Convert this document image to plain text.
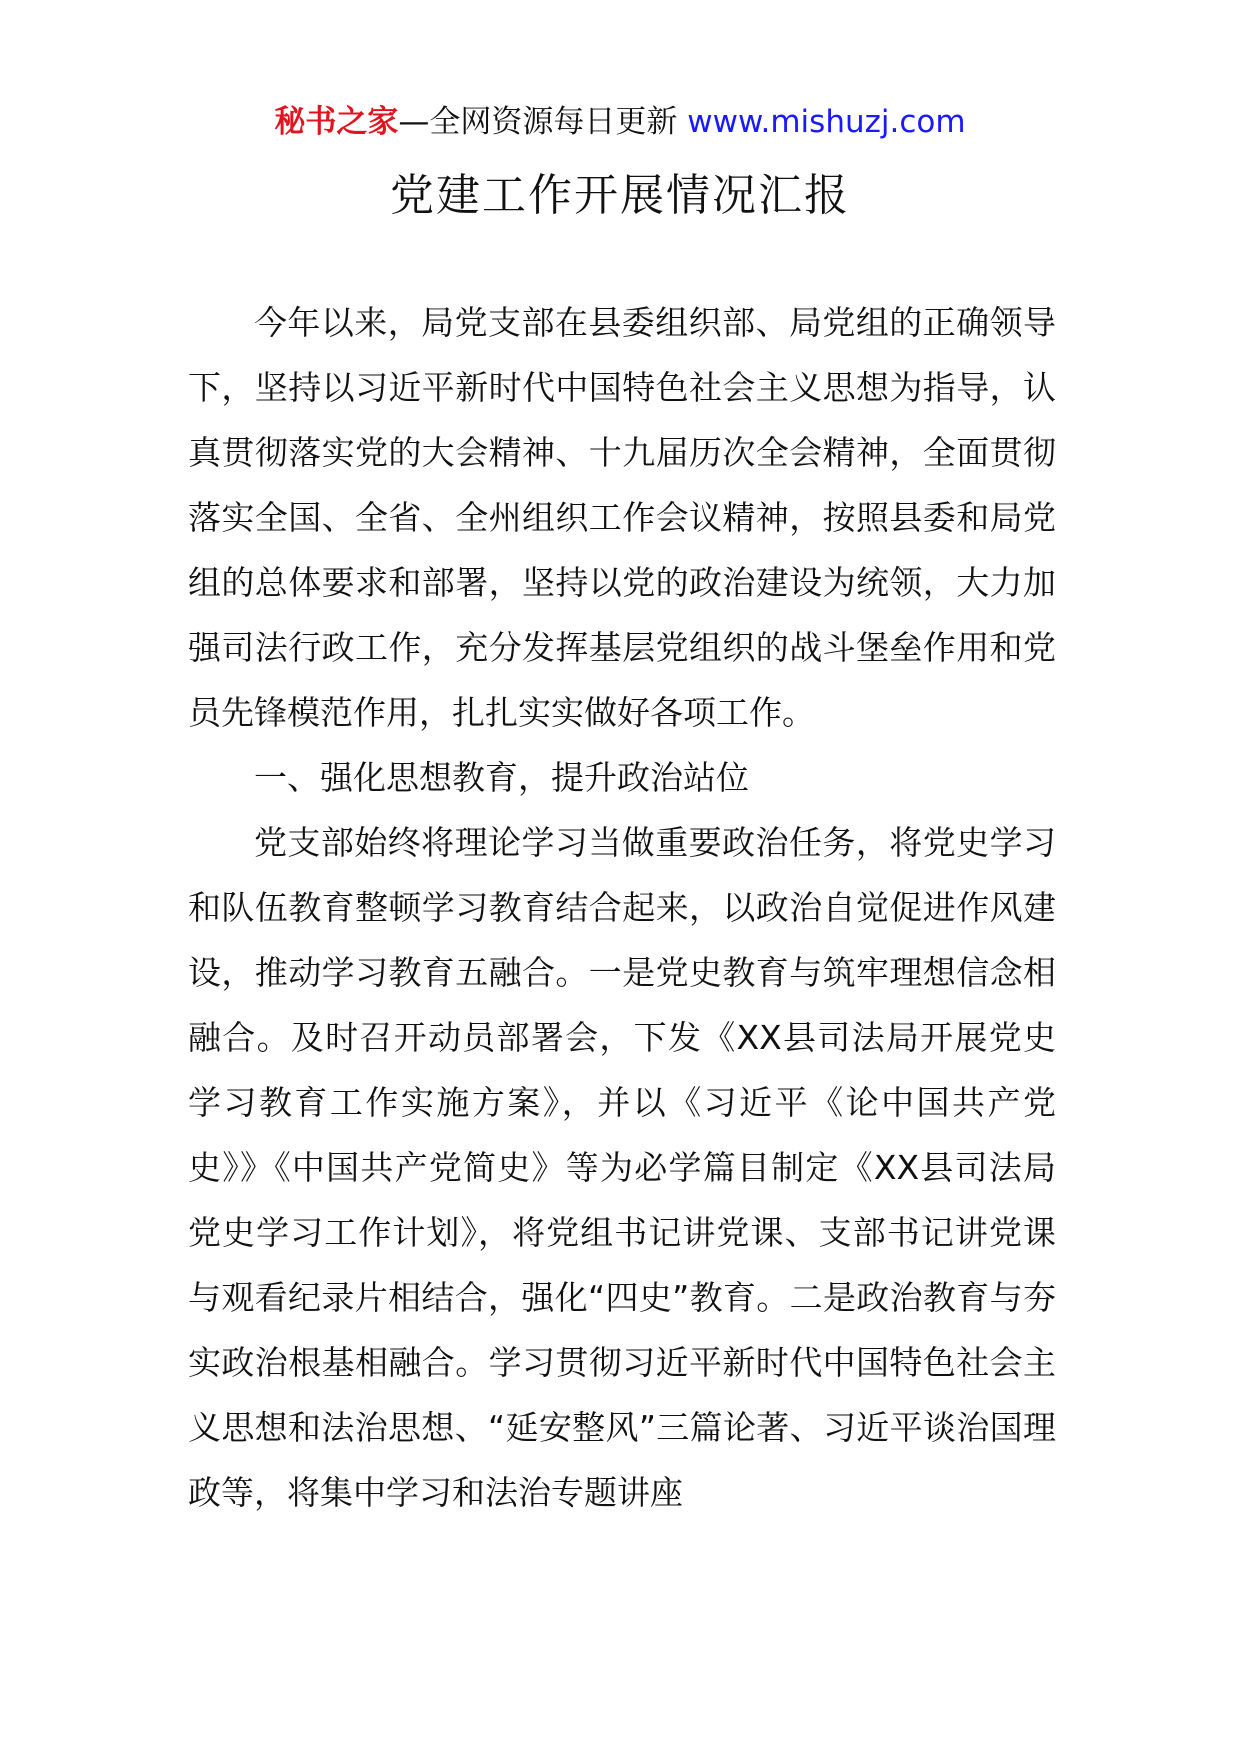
秘书之家—全网资源每日更新 www.mishuzj.com
党建工作开展情况汇报

今年以来，局党支部在县委组织部、局党组的正确领导下，坚持以习近平新时代中国特色社会主义思想为指导，认真贯彻落实党的大会精神、十九届历次全会精神，全面贯彻落实全国、全省、全州组织工作会议精神，按照县委和局党组的总体要求和部署，坚持以党的政治建设为统领，大力加强司法行政工作，充分发挥基层党组织的战斗堡垒作用和党员先锋模范作用，扎扎实实做好各项工作。

一、强化思想教育，提升政治站位

党支部始终将理论学习当做重要政治任务，将党史学习和队伍教育整顿学习教育结合起来，以政治自觉促进作风建设，推动学习教育五融合。一是党史教育与筑牢理想信念相融合。及时召开动员部署会，下发《XX县司法局开展党史学习教育工作实施方案》，并以《习近平《论中国共产党史》》《中国共产党简史》等为必学篇目制定《XX县司法局党史学习工作计划》，将党组书记讲党课、支部书记讲党课与观看纪录片相结合，强化“四史”教育。二是政治教育与夯实政治根基相融合。学习贯彻习近平新时代中国特色社会主义思想和法治思想、“延安整风”三篇论著、习近平谈治国理政等，将集中学习和法治专题讲座
